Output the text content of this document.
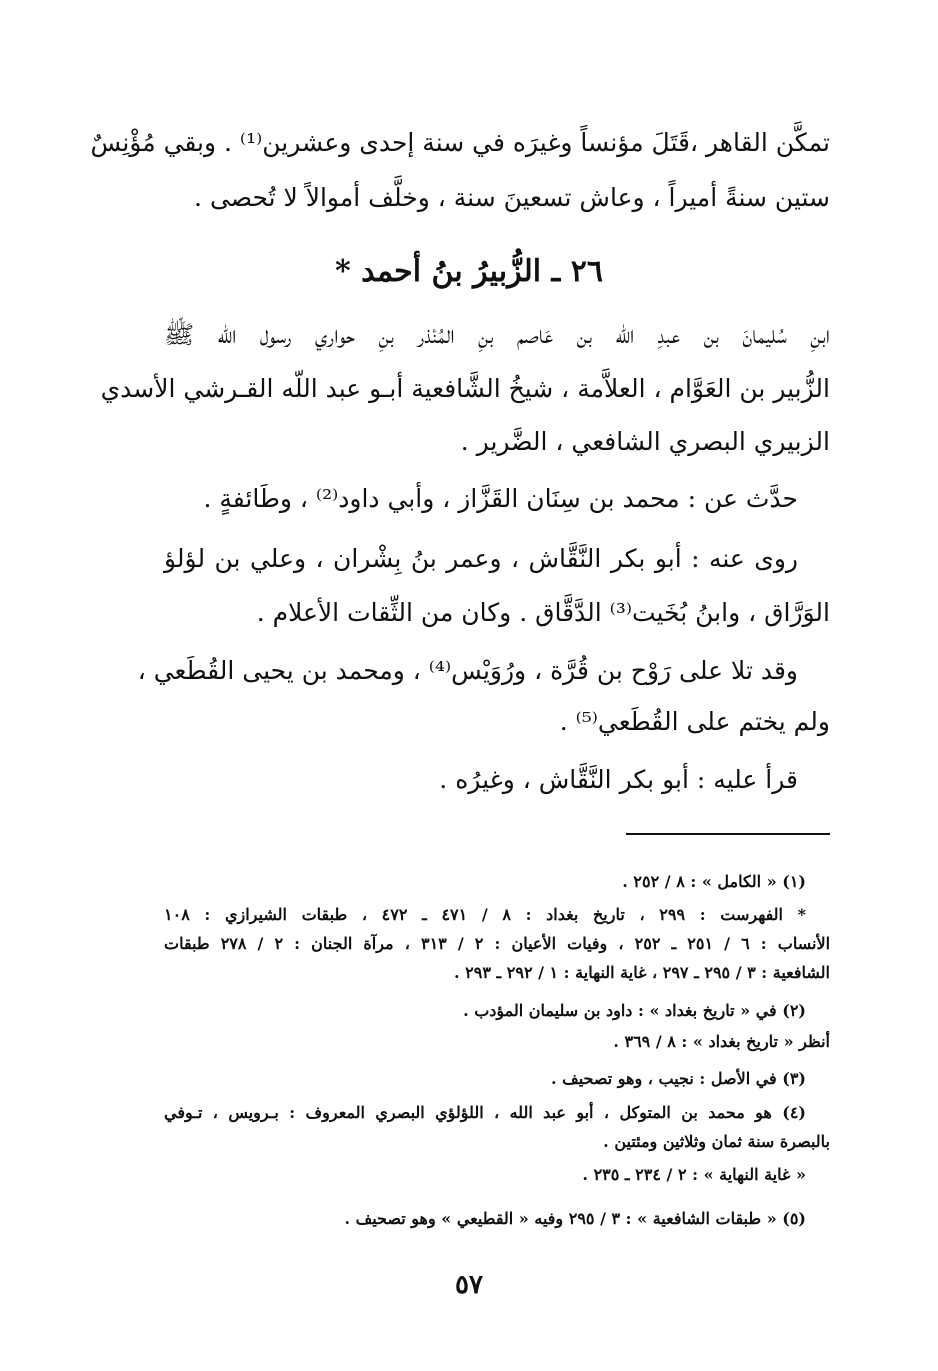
تمكَّن القاهر ،قَتَلَ مؤنساً وغيرَه في سنة إحدى وعشرين⁽¹⁾ . وبقي مُؤْنِسٌ
ستين سنةً أميراً ، وعاش تسعينَ سنة ، وخلَّف أموالاً لا تُحصى .
٢٦ ـ الزُّبيرُ بنُ أحمد *
ابنِ سُليمانَ بن عبدِ اللّه بن عَاصم بنِ المُنْذر بنِ حواري رسول اللّه ﷺ
الزُّبير بن العَوَّام ، العلاَّمة ، شيخُ الشَّافعية أبـو عبد اللّه القـرشي الأسدي
الزبيري البصري الشافعي ، الضَّرير .
حدَّث عن : محمد بن سِنَان القَزَّاز ، وأبي داود⁽²⁾ ، وطَائفةٍ .
روى عنه : أبو بكر النَّقَّاش ، وعمر بنُ بِشْران ، وعلي بن لؤلؤ
الوَرَّاق ، وابنُ بُخَيت⁽³⁾ الدَّقَّاق . وكان من الثِّقات الأعلام .
وقد تلا على رَوْح بن قُرَّة ، ورُوَيْس⁽⁴⁾ ، ومحمد بن يحيى القُطَعي ،
ولم يختم على القُطَعي⁽⁵⁾ .
قرأ عليه : أبو بكر النَّقَّاش ، وغيرُه .
(١) « الكامل » : ٨ / ٢٥٢ .
* الفهرست : ٢٩٩ ، تاريخ بغداد : ٨ / ٤٧١ ـ ٤٧٢ ، طبقات الشيرازي : ١٠٨
الأنساب : ٦ / ٢٥١ ـ ٢٥٢ ، وفيات الأعيان : ٢ / ٣١٣ ، مرآة الجنان : ٢ / ٢٧٨ طبقات
الشافعية : ٣ / ٢٩٥ ـ ٢٩٧ ، غاية النهاية : ١ / ٢٩٢ ـ ٢٩٣ .
(٢) في « تاريخ بغداد » : داود بن سليمان المؤدب .
أنظر « تاريخ بغداد » : ٨ / ٣٦٩ .
(٣) في الأصل : نجيب ، وهو تصحيف .
(٤) هو محمد بن المتوكل ، أبو عبد الله ، اللؤلؤي البصري المعروف : بـرويس ، تـوفي
بالبصرة سنة ثمان وثلاثين ومئتين .
« غاية النهاية » : ٢ / ٢٣٤ ـ ٢٣٥ .
(٥) « طبقات الشافعية » : ٣ / ٢٩٥ وفيه « القطيعي » وهو تصحيف .
٥٧
